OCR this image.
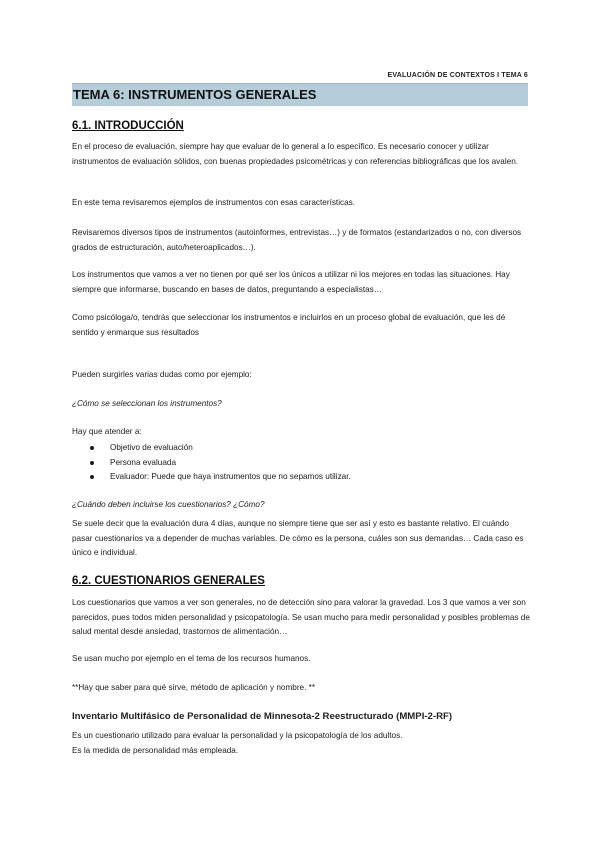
EVALUACIÓN DE CONTEXTOS I TEMA 6
TEMA 6: INSTRUMENTOS GENERALES
6.1. INTRODUCCIÓN
En el proceso de evaluación, siempre hay que evaluar de lo general a lo específico. Es necesario conocer y utilizar instrumentos de evaluación sólidos, con buenas propiedades psicométricas y con referencias bibliográficas que los avalen.
En este tema revisaremos ejemplos de instrumentos con esas características.
Revisaremos diversos tipos de instrumentos (autoinformes, entrevistas…) y de formatos (estandarizados o no, con diversos grados de estructuración, auto/heteroaplicados…).
Los instrumentos que vamos a ver no tienen por qué ser los únicos a utilizar ni los mejores en todas las situaciones. Hay siempre que informarse, buscando en bases de datos, preguntando a especialistas…
Como psicóloga/o, tendrás que seleccionar los instrumentos e incluirlos en un proceso global de evaluación, que les dé sentido y enmarque sus resultados
Pueden surgirles varias dudas como por ejemplo:
¿Cómo se seleccionan los instrumentos?
Hay que atender a:
Objetivo de evaluación
Persona evaluada
Evaluador: Puede que haya instrumentos que no sepamos utilizar.
¿Cuándo deben incluirse los cuestionarios? ¿Cómo?
Se suele decir que la evaluación dura 4 días, aunque no siempre tiene que ser así y esto es bastante relativo. El cuándo pasar cuestionarios va a depender de muchas variables. De cómo es la persona, cuáles son sus demandas… Cada caso es único e individual.
6.2. CUESTIONARIOS GENERALES
Los cuestionarios que vamos a ver son generales, no de detección sino para valorar la gravedad. Los 3 que vamos a ver son parecidos, pues todos miden personalidad y psicopatología. Se usan mucho para medir personalidad y posibles problemas de salud mental desde ansiedad, trastornos de alimentación…
Se usan mucho por ejemplo en el tema de los recursos humanos.
**Hay que saber para qué sirve, método de aplicación y nombre. **
Inventario Multifásico de Personalidad de Minnesota-2 Reestructurado (MMPI-2-RF)
Es un cuestionario utilizado para evaluar la personalidad y la psicopatología de los adultos.
Es la medida de personalidad más empleada.
